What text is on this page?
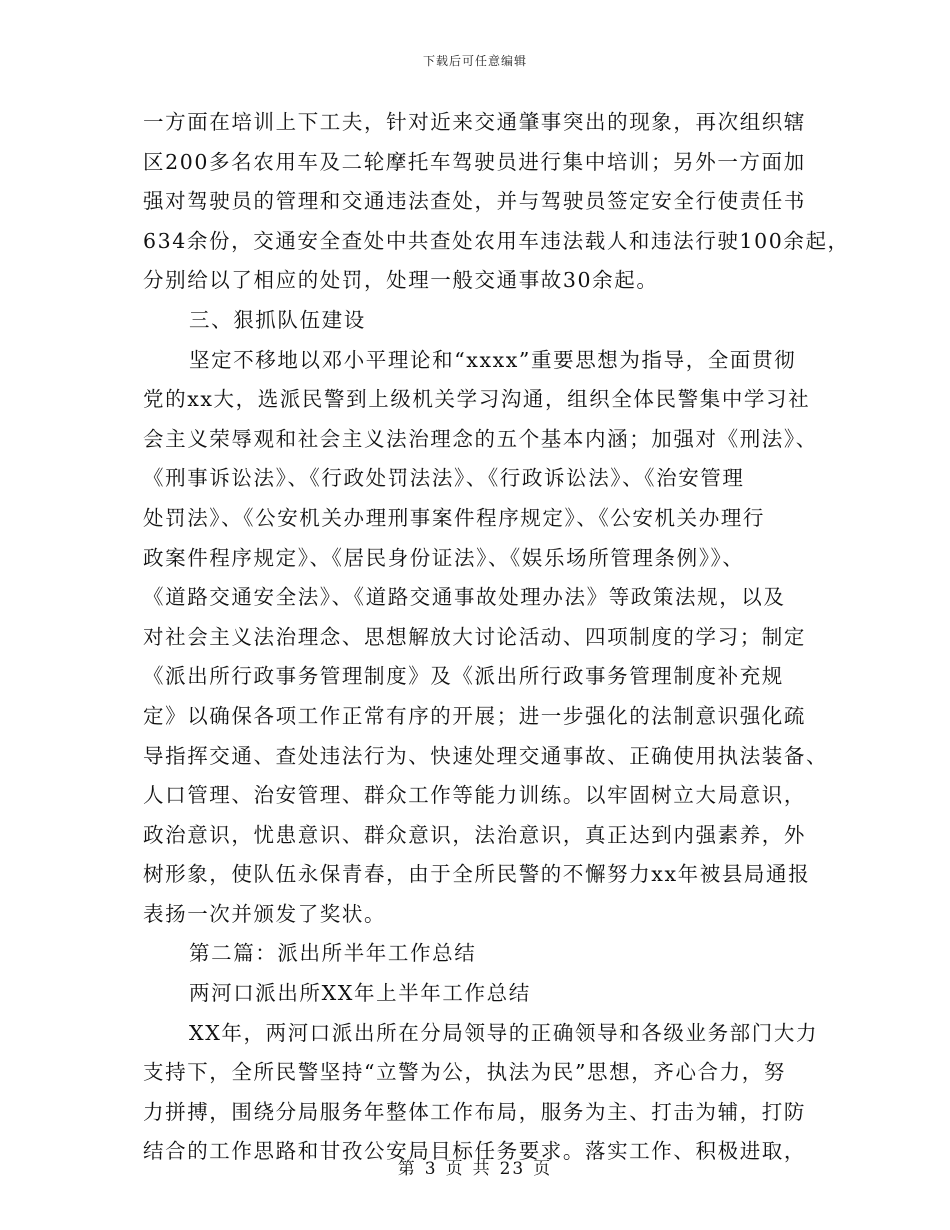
下载后可任意编辑
一方面在培训上下工夫，针对近来交通肇事突出的现象，再次组织辖
区200多名农用车及二轮摩托车驾驶员进行集中培训；另外一方面加
强对驾驶员的管理和交通违法查处，并与驾驶员签定安全行使责任书
634余份，交通安全查处中共查处农用车违法载人和违法行驶100余起，
分别给以了相应的处罚，处理一般交通事故30余起。
三、狠抓队伍建设
坚定不移地以邓小平理论和“xxxx”重要思想为指导，全面贯彻
党的xx大，选派民警到上级机关学习沟通，组织全体民警集中学习社
会主义荣辱观和社会主义法治理念的五个基本内涵；加强对《刑法》、
《刑事诉讼法》、《行政处罚法法》、《行政诉讼法》、《治安管理
处罚法》、《公安机关办理刑事案件程序规定》、《公安机关办理行
政案件程序规定》、《居民身份证法》、《娱乐场所管理条例》》、
《道路交通安全法》、《道路交通事故处理办法》等政策法规，以及
对社会主义法治理念、思想解放大讨论活动、四项制度的学习；制定
《派出所行政事务管理制度》及《派出所行政事务管理制度补充规
定》以确保各项工作正常有序的开展；进一步强化的法制意识强化疏
导指挥交通、查处违法行为、快速处理交通事故、正确使用执法装备、
人口管理、治安管理、群众工作等能力训练。以牢固树立大局意识，
政治意识，忧患意识、群众意识，法治意识，真正达到内强素养，外
树形象，使队伍永保青春，由于全所民警的不懈努力xx年被县局通报
表扬一次并颁发了奖状。
第二篇：派出所半年工作总结
两河口派出所XX年上半年工作总结
XX年，两河口派出所在分局领导的正确领导和各级业务部门大力
支持下，全所民警坚持“立警为公，执法为民”思想，齐心合力，努
力拼搏，围绕分局服务年整体工作布局，服务为主、打击为辅，打防
结合的工作思路和甘孜公安局目标任务要求。落实工作、积极进取，
第 3 页 共 23 页
